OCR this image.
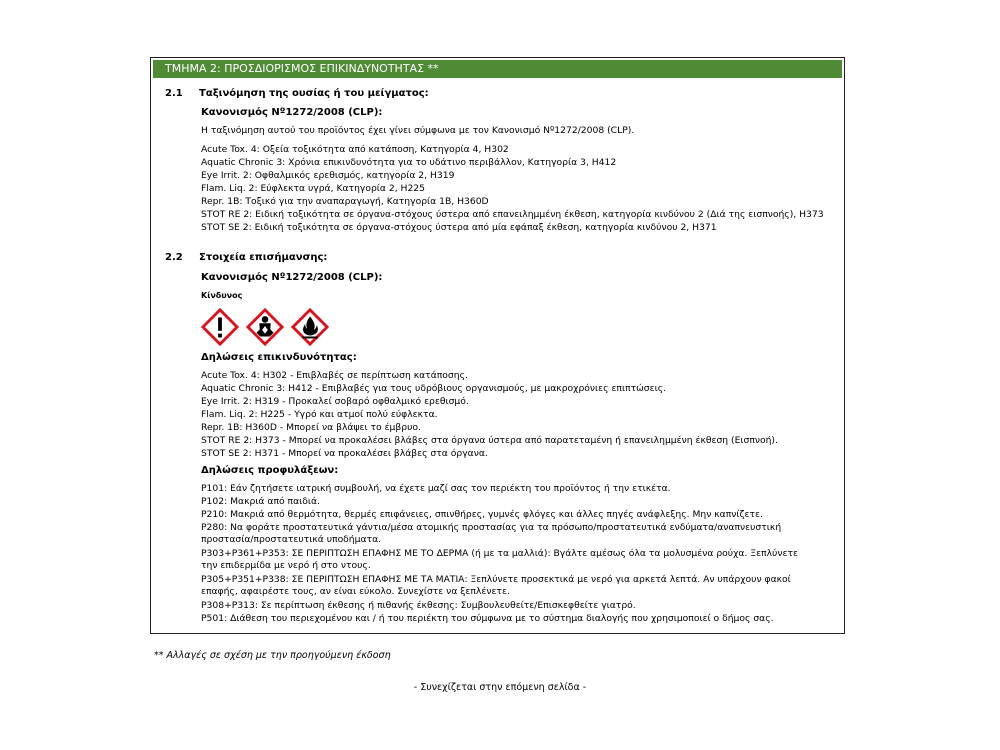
ΤΜΗΜΑ 2: ΠΡΟΣΔΙΟΡΙΣΜΟΣ ΕΠΙΚΙΝΔΥΝΟΤΗΤΑΣ **
2.1 Ταξινόμηση της ουσίας ή του μείγματος:
Κανονισμός Nº1272/2008 (CLP):
Η ταξινόμηση αυτού του προϊόντος έχει γίνει σύμφωνα με τον Κανονισμό Nº1272/2008 (CLP).
Acute Tox. 4: Οξεία τοξικότητα από κατάποση, Κατηγορία 4, H302
Aquatic Chronic 3: Χρόνια επικινδυνότητα για το υδάτινο περιβάλλον, Κατηγορία 3, H412
Eye Irrit. 2: Οφθαλμικός ερεθισμός, κατηγορία 2, H319
Flam. Liq. 2: Εύφλεκτα υγρά, Κατηγορία 2, H225
Repr. 1B: Τοξικό για την αναπαραγωγή, Κατηγορία 1B, H360D
STOT RE 2: Ειδική τοξικότητα σε όργανα-στόχους ύστερα από επανειλημμένη έκθεση, κατηγορία κινδύνου 2 (Διά της εισπνοής), H373
STOT SE 2: Ειδική τοξικότητα σε όργανα-στόχους ύστερα από μία εφάπαξ έκθεση, κατηγορία κινδύνου 2, H371
2.2 Στοιχεία επισήμανσης:
Κανονισμός Nº1272/2008 (CLP):
Κίνδυνος

Δηλώσεις επικινδυνότητας:
Acute Tox. 4: H302 - Επιβλαβές σε περίπτωση κατάποσης.
Aquatic Chronic 3: H412 - Επιβλαβές για τους υδρόβιους οργανισμούς, με μακροχρόνιες επιπτώσεις.
Eye Irrit. 2: H319 - Προκαλεί σοβαρό οφθαλμικό ερεθισμό.
Flam. Liq. 2: H225 - Υγρό και ατμοί πολύ εύφλεκτα.
Repr. 1B: H360D - Μπορεί να βλάψει το έμβρυο.
STOT RE 2: H373 - Μπορεί να προκαλέσει βλάβες στα όργανα ύστερα από παρατεταμένη ή επανειλημμένη έκθεση (Εισπνοή).
STOT SE 2: H371 - Μπορεί να προκαλέσει βλάβες στα όργανα.
Δηλώσεις προφυλάξεων:
P101: Εάν ζητήσετε ιατρική συμβουλή, να έχετε μαζί σας τον περιέκτη του προϊόντος ή την ετικέτα.
P102: Μακριά από παιδιά.
P210: Μακριά από θερμότητα, θερμές επιφάνειες, σπινθήρες, γυμνές φλόγες και άλλες πηγές ανάφλεξης. Μην καπνίζετε.
P280: Να φοράτε προστατευτικά γάντια/μέσα ατομικής προστασίας για τα πρόσωπο/προστατευτικά ενδύματα/αναπνευστική προστασία/προστατευτικά υποδήματα.
P303+P361+P353: ΣΕ ΠΕΡΙΠΤΩΣΗ ΕΠΑΦΗΣ ΜΕ ΤΟ ΔΕΡΜΑ (ή με τα μαλλιά): Βγάλτε αμέσως όλα τα μολυσμένα ρούχα. Ξεπλύνετε την επιδερμίδα με νερό ή στο ντους.
P305+P351+P338: ΣΕ ΠΕΡΙΠΤΩΣΗ ΕΠΑΦΗΣ ΜΕ ΤΑ ΜΑΤΙΑ: Ξεπλύνετε προσεκτικά με νερό για αρκετά λεπτά. Αν υπάρχουν φακοί επαφής, αφαιρέστε τους, αν είναι εύκολο. Συνεχίστε να ξεπλένετε.
P308+P313: Σε περίπτωση έκθεσης ή πιθανής έκθεσης: Συμβουλευθείτε/Επισκεφθείτε γιατρό.
P501: Διάθεση του περιεχομένου και / ή του περιέκτη του σύμφωνα με το σύστημα διαλογής που χρησιμοποιεί ο δήμος σας.
** Αλλαγές σε σχέση με την προηγούμενη έκδοση
- Συνεχίζεται στην επόμενη σελίδα -
